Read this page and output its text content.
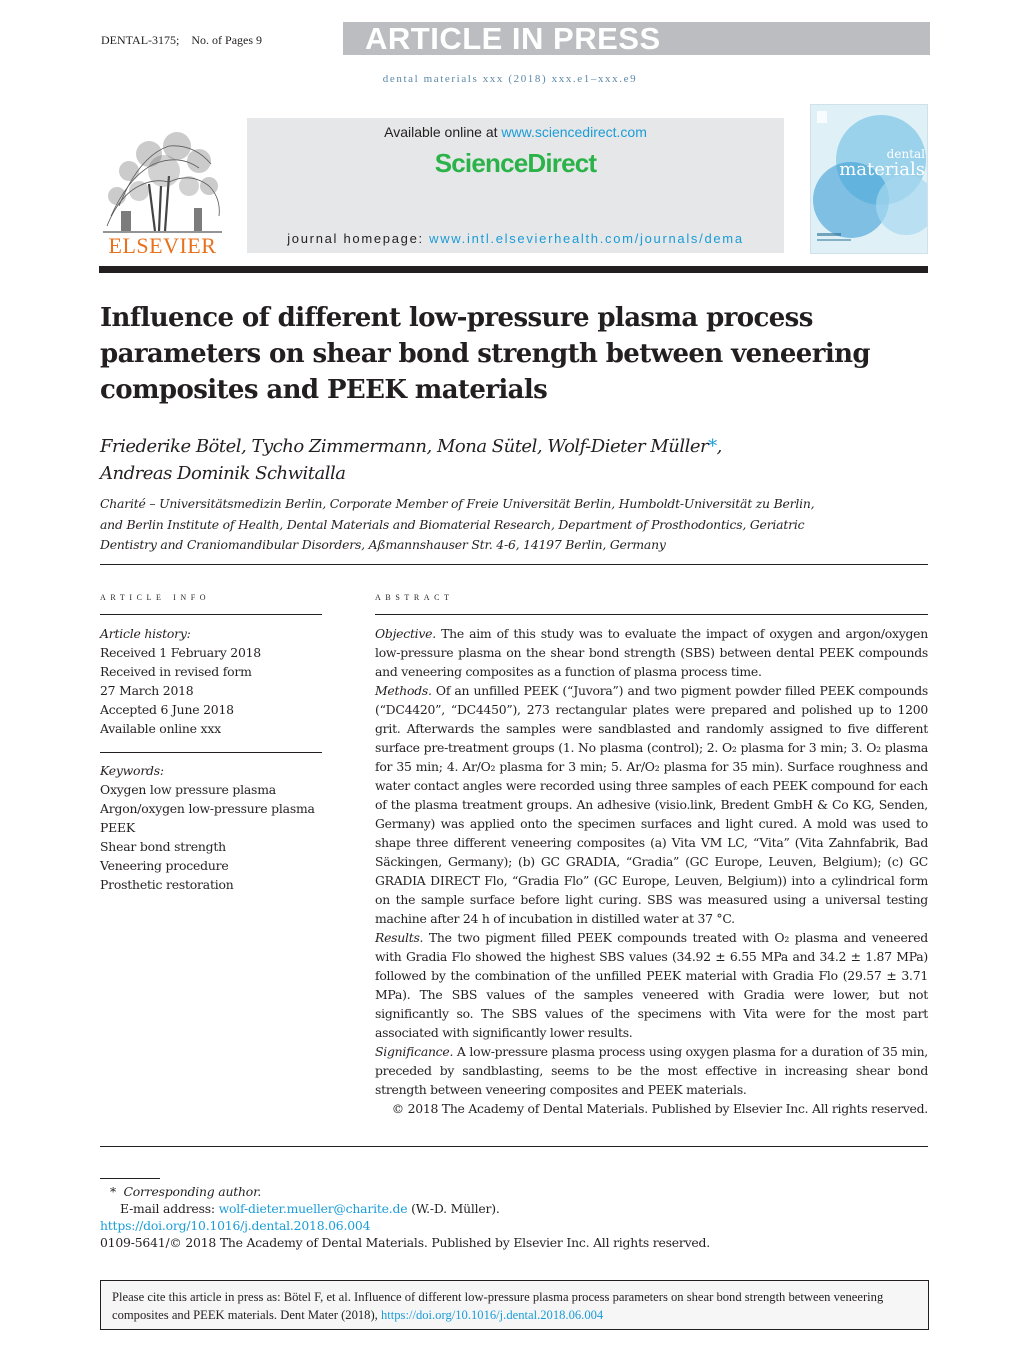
DENTAL-3175;    No. of Pages 9	ARTICLE IN PRESS
dental materials xxx (2018) xxx.e1–xxx.e9
ELSEVIER
Available online at www.sciencedirect.com
ScienceDirect
journal homepage: www.intl.elsevierhealth.com/journals/dema
dental
materials
Influence of different low-pressure plasma process parameters on shear bond strength between veneering composites and PEEK materials
Friederike Bötel, Tycho Zimmermann, Mona Sütel, Wolf-Dieter Müller*,
Andreas Dominik Schwitalla
Charité – Universitätsmedizin Berlin, Corporate Member of Freie Universität Berlin, Humboldt-Universität zu Berlin, and Berlin Institute of Health, Dental Materials and Biomaterial Research, Department of Prosthodontics, Geriatric Dentistry and Craniomandibular Disorders, Aßmannshauser Str. 4-6, 14197 Berlin, Germany
article info	abstract
Article history:
Received 1 February 2018
Received in revised form
27 March 2018
Accepted 6 June 2018
Available online xxx
Keywords:
Oxygen low pressure plasma
Argon/oxygen low-pressure plasma
PEEK
Shear bond strength
Veneering procedure
Prosthetic restoration

Objective. The aim of this study was to evaluate the impact of oxygen and argon/oxygen low-pressure plasma on the shear bond strength (SBS) between dental PEEK compounds and veneering composites as a function of plasma process time.

Methods. Of an unfilled PEEK (“Juvora”) and two pigment powder filled PEEK compounds (“DC4420”, “DC4450”), 273 rectangular plates were prepared and polished up to 1200 grit. Afterwards the samples were sandblasted and randomly assigned to five different surface pre-treatment groups (1. No plasma (control); 2. O₂ plasma for 3 min; 3. O₂ plasma for 35 min; 4. Ar/O₂ plasma for 3 min; 5. Ar/O₂ plasma for 35 min). Surface roughness and water contact angles were recorded using three samples of each PEEK compound for each of the plasma treatment groups. An adhesive (visio.link, Bredent GmbH & Co KG, Senden, Germany) was applied onto the specimen surfaces and light cured. A mold was used to shape three different veneering composites (a) Vita VM LC, “Vita” (Vita Zahnfabrik, Bad Säckingen, Germany); (b) GC GRADIA, “Gradia” (GC Europe, Leuven, Belgium); (c) GC GRADIA DIRECT Flo, “Gradia Flo” (GC Europe, Leuven, Belgium)) into a cylindrical form on the sample surface before light curing. SBS was measured using a universal testing machine after 24 h of incubation in distilled water at 37 °C.

Results. The two pigment filled PEEK compounds treated with O₂ plasma and veneered with Gradia Flo showed the highest SBS values (34.92 ± 6.55 MPa and 34.2 ± 1.87 MPa) followed by the combination of the unfilled PEEK material with Gradia Flo (29.57 ± 3.71 MPa). The SBS values of the samples veneered with Gradia were lower, but not significantly so. The SBS values of the specimens with Vita were for the most part associated with significantly lower results.

Significance. A low-pressure plasma process using oxygen plasma for a duration of 35 min, preceded by sandblasting, seems to be the most effective in increasing shear bond strength between veneering composites and PEEK materials.

© 2018 The Academy of Dental Materials. Published by Elsevier Inc. All rights reserved.

* Corresponding author.
E-mail address: wolf-dieter.mueller@charite.de (W.-D. Müller).
https://doi.org/10.1016/j.dental.2018.06.004
0109-5641/© 2018 The Academy of Dental Materials. Published by Elsevier Inc. All rights reserved.
Please cite this article in press as: Bötel F, et al. Influence of different low-pressure plasma process parameters on shear bond strength between veneering composites and PEEK materials. Dent Mater (2018), https://doi.org/10.1016/j.dental.2018.06.004
